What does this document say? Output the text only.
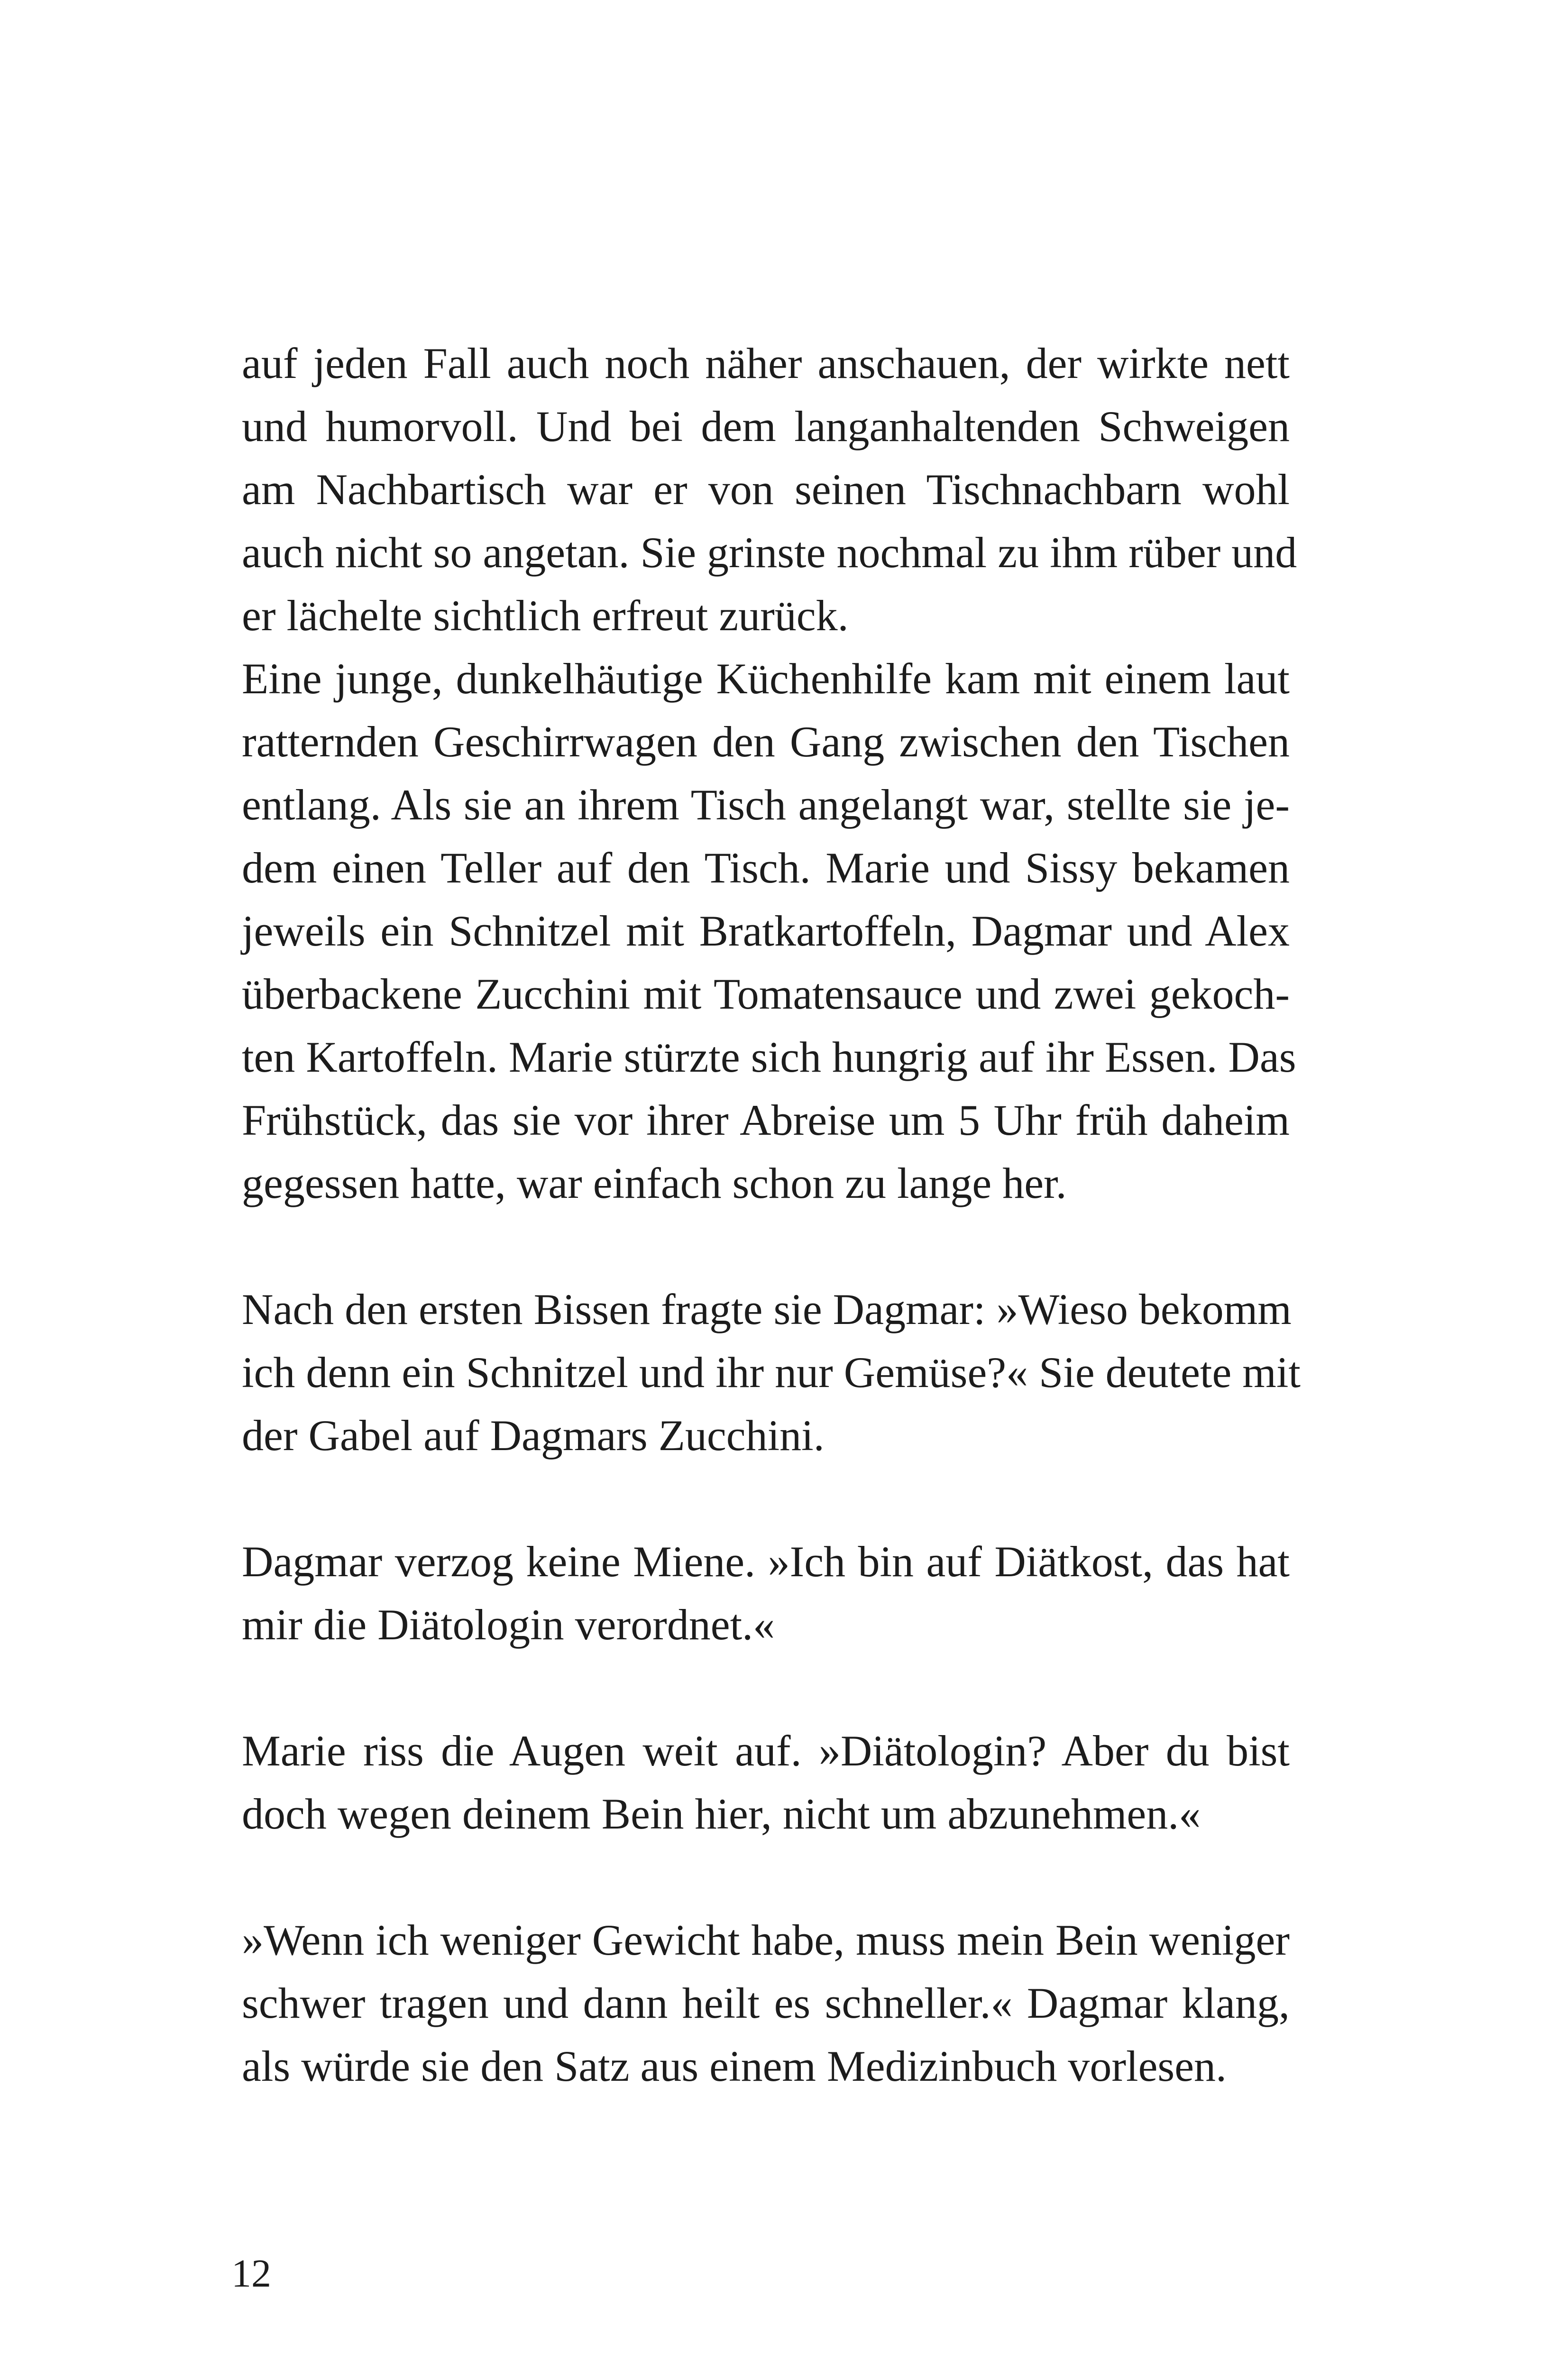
auf jeden Fall auch noch näher anschauen, der wirkte nett
und humorvoll. Und bei dem langanhaltenden Schweigen
am Nachbartisch war er von seinen Tischnachbarn wohl
auch nicht so angetan. Sie grinste nochmal zu ihm rüber und
er lächelte sichtlich erfreut zurück.

Eine junge, dunkelhäutige Küchenhilfe kam mit einem laut
ratternden Geschirrwagen den Gang zwischen den Tischen
entlang. Als sie an ihrem Tisch angelangt war, stellte sie je-
dem einen Teller auf den Tisch. Marie und Sissy bekamen
jeweils ein Schnitzel mit Bratkartoffeln, Dagmar und Alex
überbackene Zucchini mit Tomatensauce und zwei gekoch-
ten Kartoffeln. Marie stürzte sich hungrig auf ihr Essen. Das
Frühstück, das sie vor ihrer Abreise um 5 Uhr früh daheim
gegessen hatte, war einfach schon zu lange her.

Nach den ersten Bissen fragte sie Dagmar: »Wieso bekomm
ich denn ein Schnitzel und ihr nur Gemüse?« Sie deutete mit
der Gabel auf Dagmars Zucchini.

Dagmar verzog keine Miene. »Ich bin auf Diätkost, das hat
mir die Diätologin verordnet.«

Marie riss die Augen weit auf. »Diätologin? Aber du bist
doch wegen deinem Bein hier, nicht um abzunehmen.«

»Wenn ich weniger Gewicht habe, muss mein Bein weniger
schwer tragen und dann heilt es schneller.« Dagmar klang,
als würde sie den Satz aus einem Medizinbuch vorlesen.

12
